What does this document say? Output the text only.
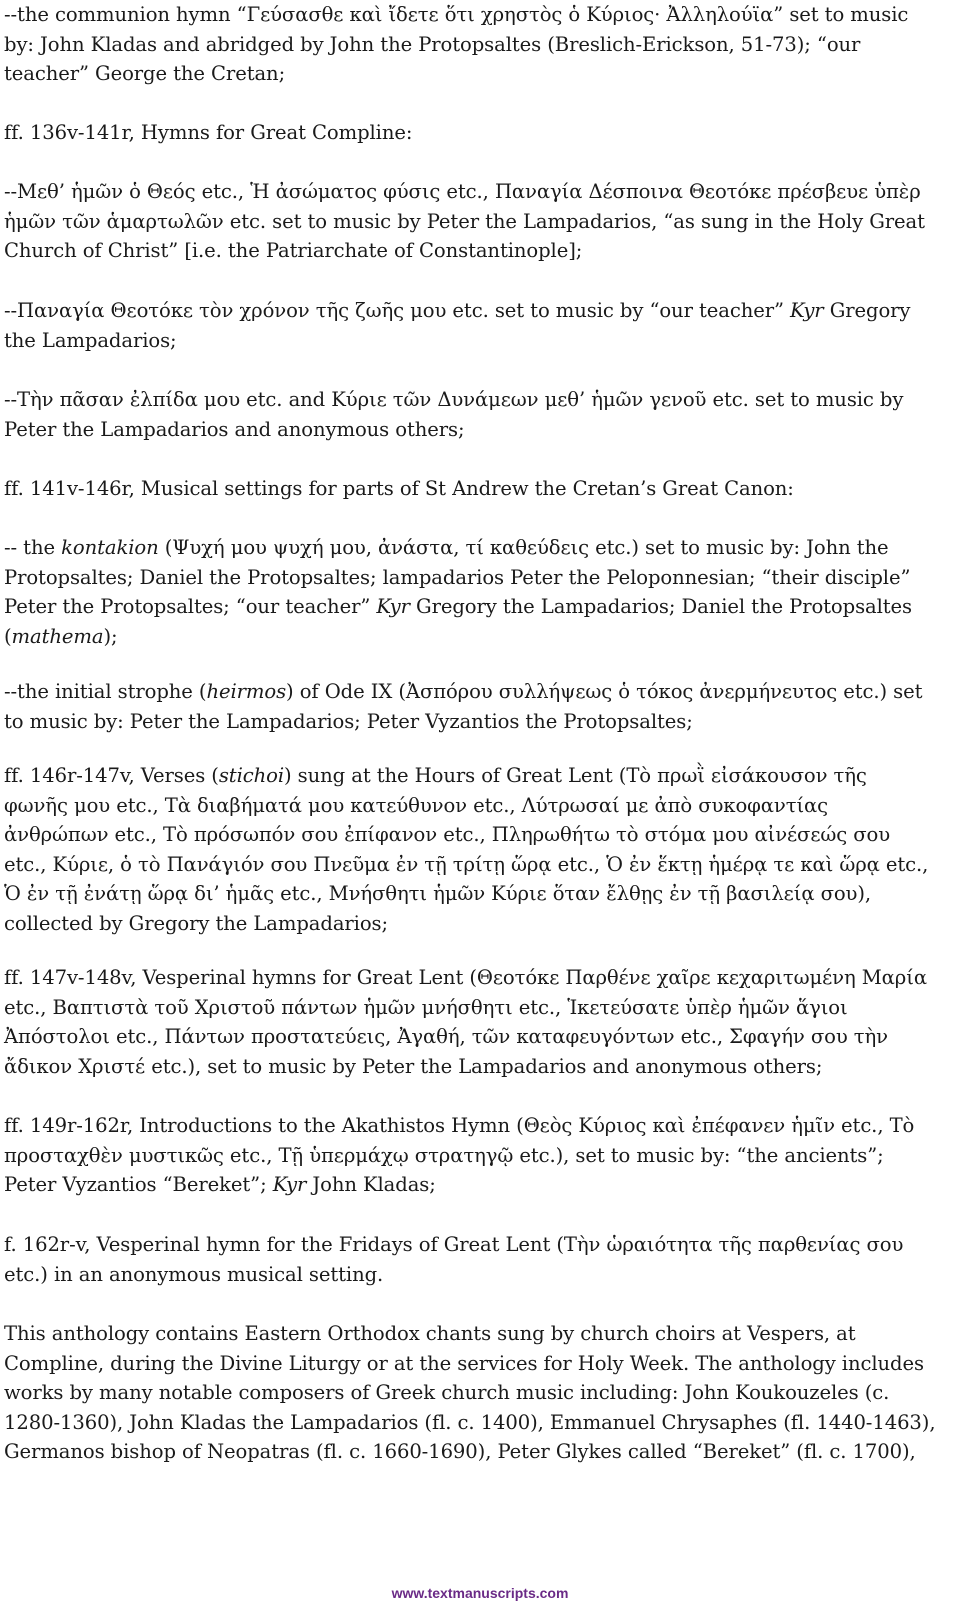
--the communion hymn “Γεύσασθε καὶ ἴδετε ὅτι χρηστὸς ὁ Κύριος· Ἀλληλούϊα” set to music by: John Kladas and abridged by John the Protopsaltes (Breslich-Erickson, 51-73); “our teacher” George the Cretan;

ff. 136v-141r, Hymns for Great Compline:

--Μεθ’ ἡμῶν ὁ Θεός etc., Ἡ ἀσώματος φύσις etc., Παναγία Δέσποινα Θεοτόκε πρέσβευε ὑπὲρ ἡμῶν τῶν ἁμαρτωλῶν etc. set to music by Peter the Lampadarios, “as sung in the Holy Great Church of Christ” [i.e. the Patriarchate of Constantinople];

--Παναγία Θεοτόκε τὸν χρόνον τῆς ζωῆς μου etc. set to music by “our teacher” Kyr Gregory the Lampadarios;

--Τὴν πᾶσαν ἐλπίδα μου etc. and Κύριε τῶν Δυνάμεων μεθ’ ἡμῶν γενοῦ etc. set to music by Peter the Lampadarios and anonymous others;

ff. 141v-146r, Musical settings for parts of St Andrew the Cretan’s Great Canon:

-- the kontakion (Ψυχή μου ψυχή μου, ἀνάστα, τί καθεύδεις etc.) set to music by: John the Protopsaltes; Daniel the Protopsaltes; lampadarios Peter the Peloponnesian; “their disciple” Peter the Protopsaltes; “our teacher” Kyr Gregory the Lampadarios; Daniel the Protopsaltes (mathema);

--the initial strophe (heirmos) of Ode IX (Ἀσπόρου συλλήψεως ὁ τόκος ἀνερμήνευτος etc.) set to music by: Peter the Lampadarios; Peter Vyzantios the Protopsaltes;

ff. 146r-147v, Verses (stichoi) sung at the Hours of Great Lent (Τὸ πρωῒ εἰσάκουσον τῆς φωνῆς μου etc., Τὰ διαβήματά μου κατεύθυνον etc., Λύτρωσαί με ἀπὸ συκοφαντίας ἀνθρώπων etc., Τὸ πρόσωπόν σου ἐπίφανον etc., Πληρωθήτω τὸ στόμα μου αἰνέσεώς σου etc., Κύριε, ὁ τὸ Πανάγιόν σου Πνεῦμα ἐν τῇ τρίτῃ ὥρᾳ etc., Ὁ ἐν ἕκτῃ ἡμέρᾳ τε καὶ ὥρᾳ etc., Ὁ ἐν τῇ ἐνάτῃ ὥρᾳ δι’ ἡμᾶς etc., Μνήσθητι ἡμῶν Κύριε ὅταν ἔλθῃς ἐν τῇ βασιλείᾳ σου), collected by Gregory the Lampadarios;

ff. 147v-148v, Vesperinal hymns for Great Lent (Θεοτόκε Παρθένε χαῖρε κεχαριτωμένη Μαρία etc., Βαπτιστὰ τοῦ Χριστοῦ πάντων ἡμῶν μνήσθητι etc., Ἱκετεύσατε ὑπὲρ ἡμῶν ἅγιοι Ἀπόστολοι etc., Πάντων προστατεύεις, Ἀγαθή, τῶν καταφευγόντων etc., Σφαγήν σου τὴν ἄδικον Χριστέ etc.), set to music by Peter the Lampadarios and anonymous others;

ff. 149r-162r, Introductions to the Akathistos Hymn (Θεὸς Κύριος καὶ ἐπέφανεν ἡμῖν etc., Τὸ προσταχθὲν μυστικῶς etc., Τῇ ὑπερμάχῳ στρατηγῷ etc.), set to music by: “the ancients”; Peter Vyzantios “Bereket”; Kyr John Kladas;

f. 162r-v, Vesperinal hymn for the Fridays of Great Lent (Τὴν ὡραιότητα τῆς παρθενίας σου etc.) in an anonymous musical setting.

This anthology contains Eastern Orthodox chants sung by church choirs at Vespers, at Compline, during the Divine Liturgy or at the services for Holy Week. The anthology includes works by many notable composers of Greek church music including: John Koukouzeles (c. 1280-1360), John Kladas the Lampadarios (fl. c. 1400), Emmanuel Chrysaphes (fl. 1440-1463), Germanos bishop of Neopatras (fl. c. 1660-1690), Peter Glykes called “Bereket” (fl. c. 1700),

www.textmanuscripts.com
